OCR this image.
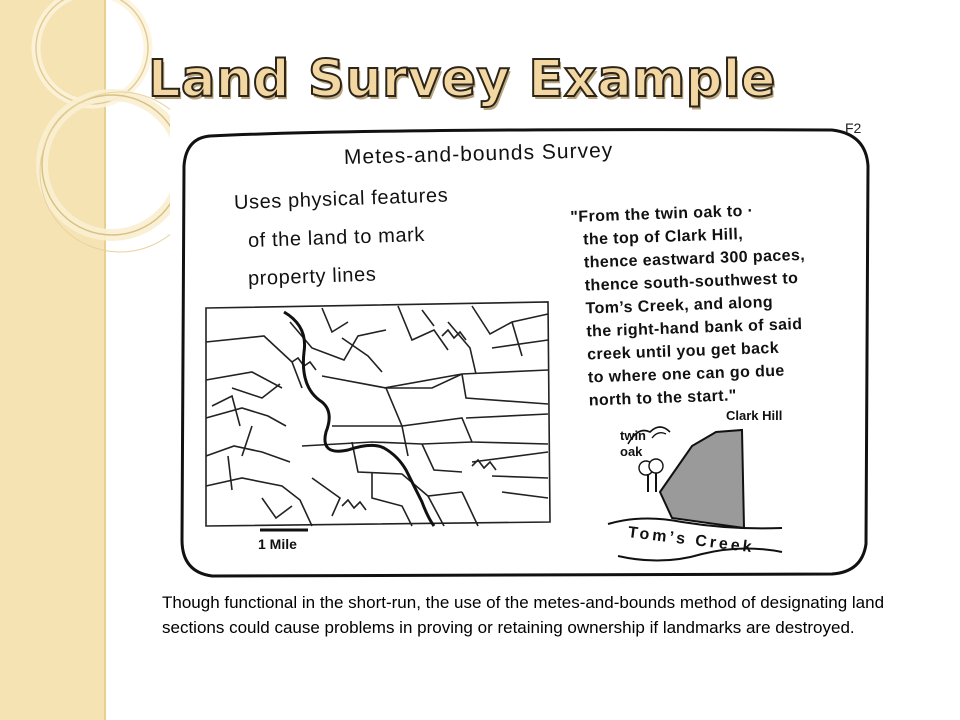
Land Survey Example
F2
Metes-and-bounds Survey
Uses physical features
of the land to mark
property lines
"From the twin oak to ·
the top of Clark Hill,
thence eastward 300 paces,
thence south-southwest to
Tom’s Creek, and along
the right-hand bank of said
creek until you get back
to where one can go due
north to the start."
1 Mile
Clark Hill
twin
oak
Tom’s Creek

Though functional in the short-run, the use of the metes-and-bounds method of designating land sections could cause problems in proving or retaining ownership if landmarks are destroyed.
